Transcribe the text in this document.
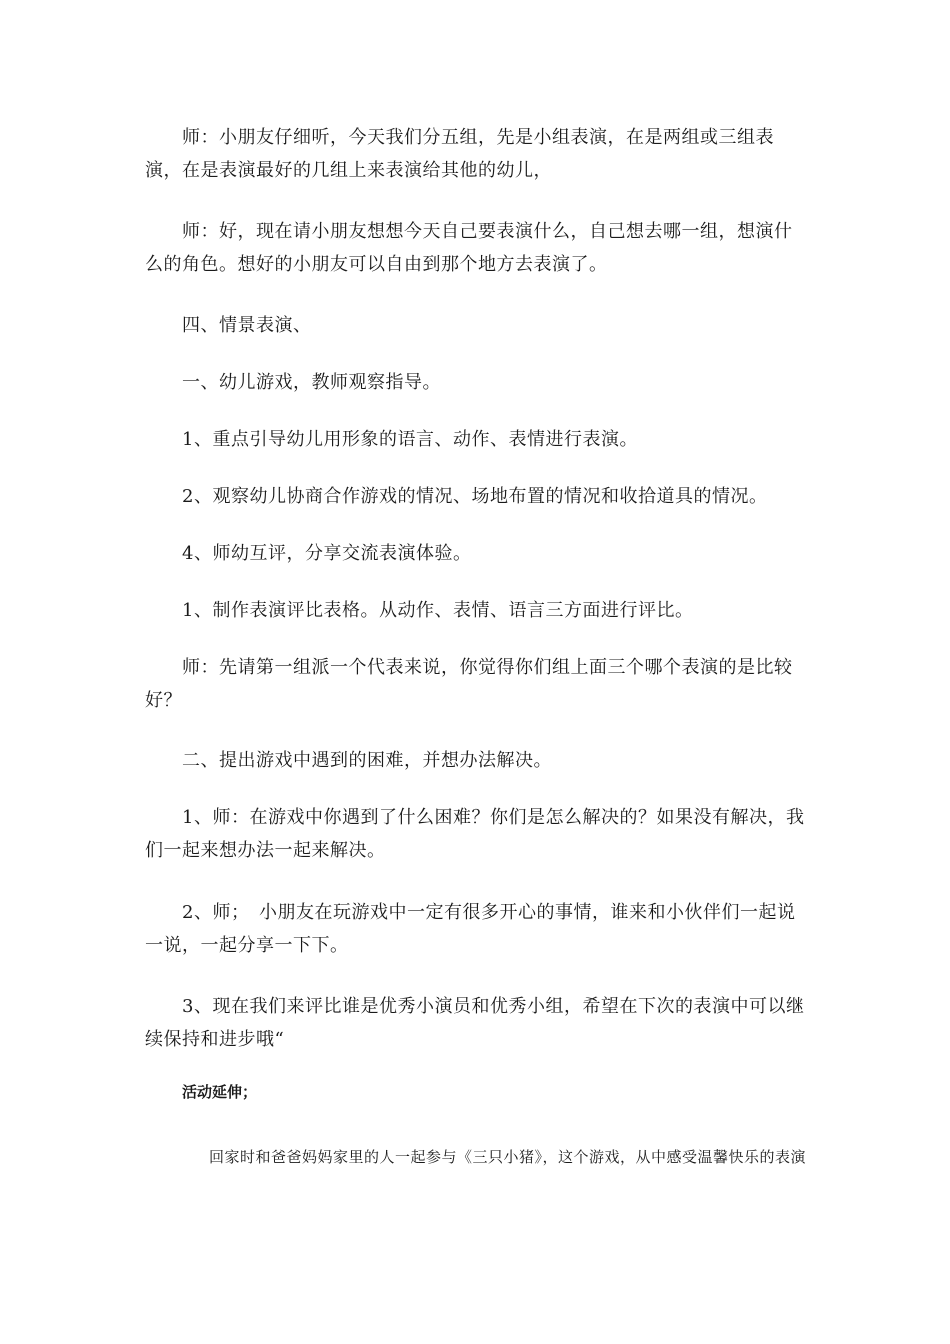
师：小朋友仔细听，今天我们分五组，先是小组表演，在是两组或三组表演，在是表演最好的几组上来表演给其他的幼儿，

师：好，现在请小朋友想想今天自己要表演什么，自己想去哪一组，想演什么的角色。想好的小朋友可以自由到那个地方去表演了。

四、情景表演、

一、幼儿游戏，教师观察指导。

1、重点引导幼儿用形象的语言、动作、表情进行表演。

2、观察幼儿协商合作游戏的情况、场地布置的情况和收拾道具的情况。

4、师幼互评，分享交流表演体验。

1、制作表演评比表格。从动作、表情、语言三方面进行评比。

师：先请第一组派一个代表来说，你觉得你们组上面三个哪个表演的是比较好？

二、提出游戏中遇到的困难，并想办法解决。

1、师：在游戏中你遇到了什么困难？你们是怎么解决的？如果没有解决，我们一起来想办法一起来解决。

2、师；　小朋友在玩游戏中一定有很多开心的事情，谁来和小伙伴们一起说一说，一起分享一下下。

3、现在我们来评比谁是优秀小演员和优秀小组，希望在下次的表演中可以继续保持和进步哦“

活动延伸；

回家时和爸爸妈妈家里的人一起参与《三只小猪》，这个游戏，从中感受温馨快乐的表演
